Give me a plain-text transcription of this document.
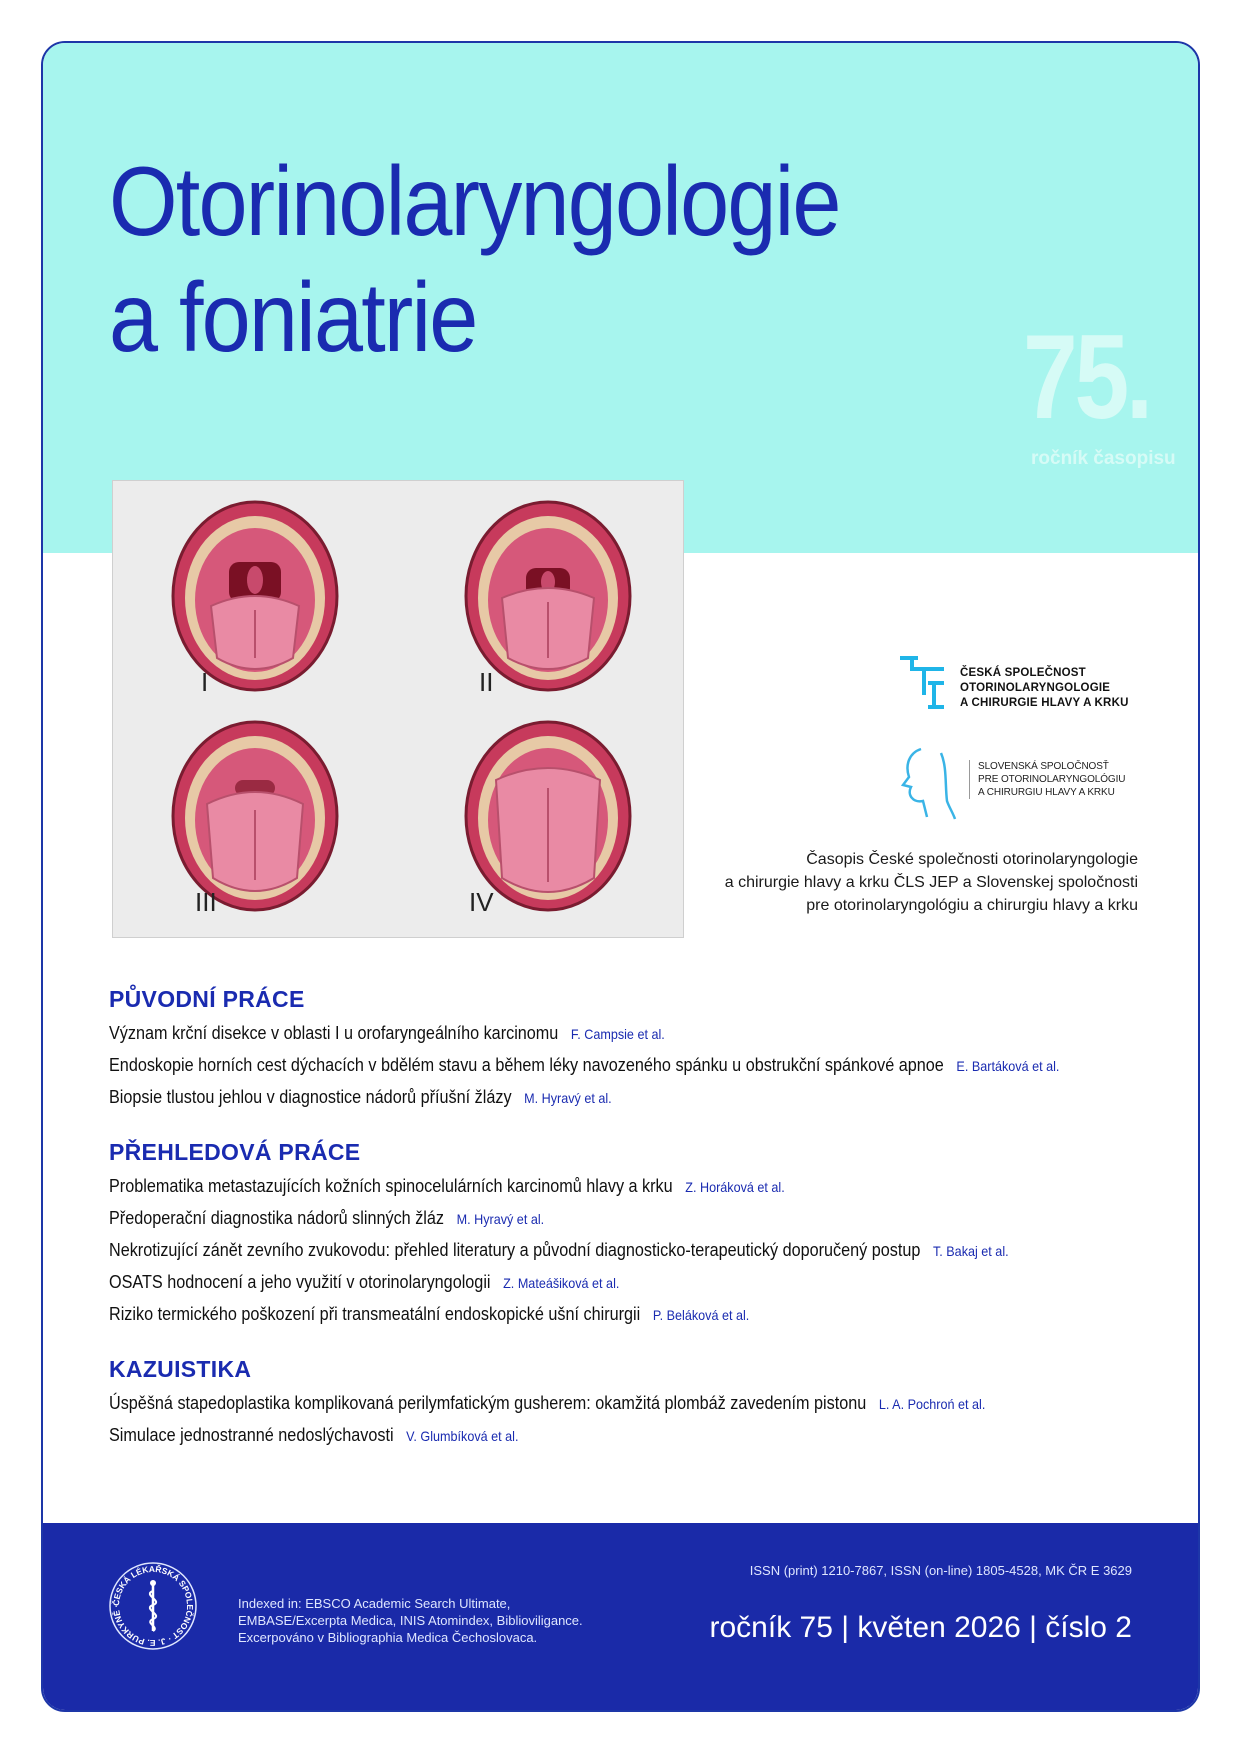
Otorinolaryngologie
a foniatrie	75.
ročník časopisu
I	II
III	IV
ČESKÁ SPOLEČNOST
OTORINOLARYNGOLOGIE
A CHIRURGIE HLAVY A KRKU
SLOVENSKÁ SPOLOČNOSŤ
PRE OTORINOLARYNGOLÓGIU
A CHIRURGIU HLAVY A KRKU
Časopis České společnosti otorinolaryngologie
a chirurgie hlavy a krku ČLS JEP a Slovenskej spoločnosti
pre otorinolaryngológiu a chirurgiu hlavy a krku
PŮVODNÍ PRÁCE
Význam krční disekce v oblasti I u orofaryngeálního karcinomu F. Campsie et al.
Endoskopie horních cest dýchacích v bdělém stavu a během léky navozeného spánku u obstrukční spánkové apnoe E. Bartáková et al.
Biopsie tlustou jehlou v diagnostice nádorů příušní žlázy M. Hyravý et al.
PŘEHLEDOVÁ PRÁCE
Problematika metastazujících kožních spinocelulárních karcinomů hlavy a krku Z. Horáková et al.
Předoperační diagnostika nádorů slinných žláz M. Hyravý et al.
Nekrotizující zánět zevního zvukovodu: přehled literatury a původní diagnosticko-terapeutický doporučený postup T. Bakaj et al.
OSATS hodnocení a jeho využití v otorinolaryngologii Z. Mateášiková et al.
Riziko termického poškození při transmeatální endoskopické ušní chirurgii P. Beláková et al.
KAZUISTIKA
Úspěšná stapedoplastika komplikovaná perilymfatickým gusherem: okamžitá plombáž zavedením pistonu L. A. Pochroń et al.
Simulace jednostranné nedoslýchavosti V. Glumbíková et al.
ČESKÁ LÉKAŘSKÁ SPOLEČNOST · J. E. PURKYNĚ ·	Indexed in: EBSCO Academic Search Ultimate,
EMBASE/Excerpta Medica, INIS Atomindex, Biblioviligance.
Excerpováno v Bibliographia Medica Čechoslovaca.
ISSN (print) 1210-7867, ISSN (on-line) 1805-4528, MK ČR E 3629
ročník 75 | květen 2026 | číslo 2
